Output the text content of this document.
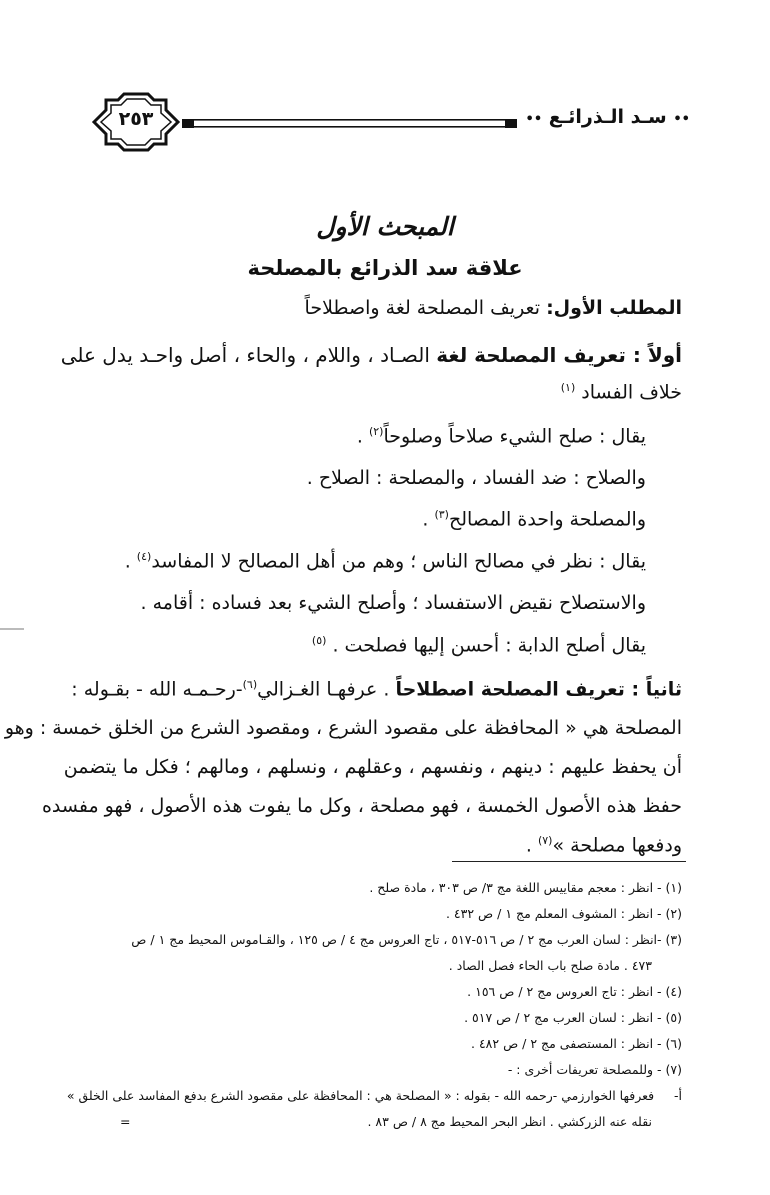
•• سـد الـذرائـع ••
٢٥٣
المبحث الأول
علاقة سد الذرائع بالمصلحة
المطلب الأول: تعريف المصلحة لغة واصطلاحاً
أولاً : تعريف المصلحة لغة الصـاد ، واللام ، والحاء ، أصل واحـد يدل على
خلاف الفساد $^{(١)}$
يقال : صلح الشيء صلاحاً وصلوحاً$^{(٢)}$ .
والصلاح : ضد الفساد ، والمصلحة : الصلاح .
والمصلحة واحدة المصالح$^{(٣)}$ .
يقال : نظر في مصالح الناس ؛ وهم من أهل المصالح لا المفاسد$^{(٤)}$ .
والاستصلاح نقيض الاستفساد ؛ وأصلح الشيء بعد فساده : أقامه .
يقال أصلح الدابة : أحسن إليها فصلحت . $^{(٥)}$
ثانياً : تعريف المصلحة اصطلاحاً . عرفهـا الغـزالي$^{(٦)}$-رحـمـه الله - بقـوله :
المصلحة هي « المحافظة على مقصود الشرع ، ومقصود الشرع من الخلق خمسة : وهو
أن يحفظ عليهم : دينهم ، ونفسهم ، وعقلهم ، ونسلهم ، ومالهم ؛ فكل ما يتضمن
حفظ هذه الأصول الخمسة ، فهو مصلحة ، وكل ما يفوت هذه الأصول ، فهو مفسده
ودفعها مصلحة »$^{(٧)}$ .
(١) - انظر : معجم مقاييس اللغة مج ٣/ ص ٣٠٣ ، مادة صلح .
(٢) - انظر : المشوف المعلم مج ١ / ص ٤٣٢ .
(٣) -انظر : لسان العرب مج ٢ / ص ٥١٦-٥١٧ ، تاج العروس مج ٤ / ص ١٢٥ ، والقـاموس المحيط مج ١ / ص
٤٧٣ . مادة صلح باب الحاء فصل الصاد .
(٤) - انظر : تاج العروس مج ٢ / ص ١٥٦ .
(٥) - انظر : لسان العرب مج ٢ / ص ٥١٧ .
(٦) - انظر : المستصفى مج ٢ / ص ٤٨٢ .
(٧) - وللمصلحة تعريفات أخرى : -
أ-     فعرفها الخوارزمي -رحمه الله - بقوله : « المصلحة هي : المحافظة على مقصود الشرع بدفع المفاسد على الخلق »
نقله عنه الزركشي . انظر البحر المحيط مج ٨ / ص ٨٣ .
=
